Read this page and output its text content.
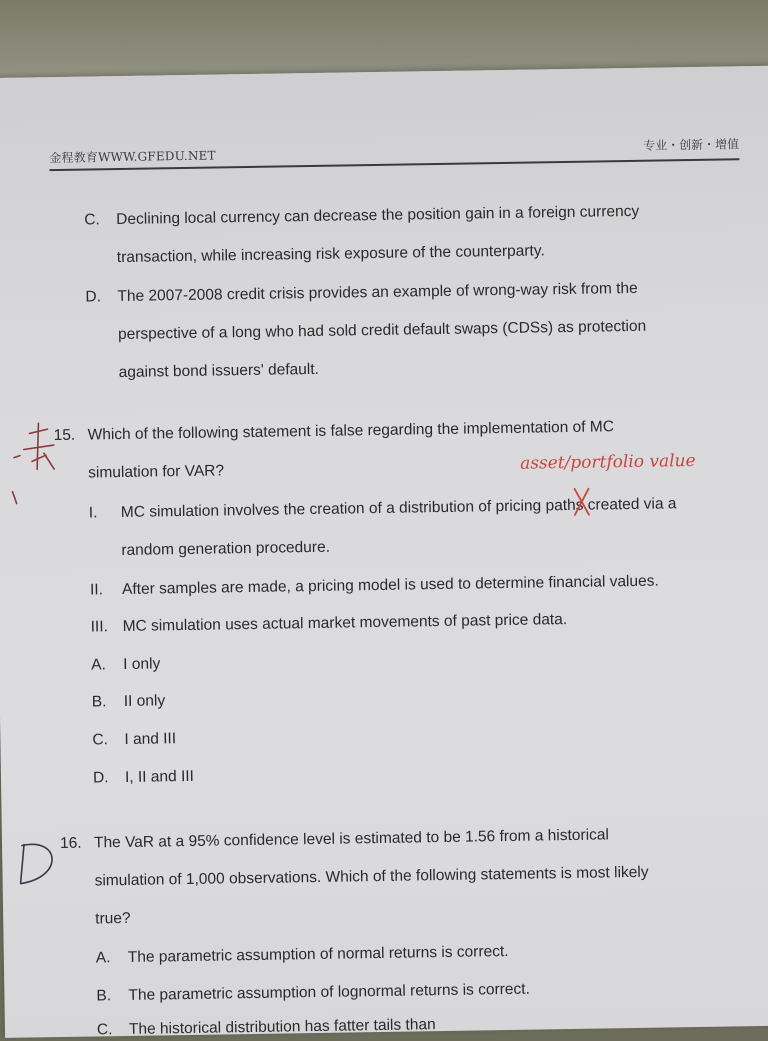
金程教育WWW.GFEDU.NET
专业・创新・增值
C. Declining local currency can decrease the position gain in a foreign currency
transaction, while increasing risk exposure of the counterparty.
D. The 2007-2008 credit crisis provides an example of wrong-way risk from the
perspective of a long who had sold credit default swaps (CDSs) as protection
against bond issuers' default.
15. Which of the following statement is false regarding the implementation of MC
simulation for VAR?	asset/portfolio value
I. MC simulation involves the creation of a distribution of pricing paths created via a
random generation procedure.
II. After samples are made, a pricing model is used to determine financial values.
III. MC simulation uses actual market movements of past price data.
A. I only
B. II only
C. I and III
D. I, II and III
16. The VaR at a 95% confidence level is estimated to be 1.56 from a historical
simulation of 1,000 observations. Which of the following statements is most likely
true?
A. The parametric assumption of normal returns is correct.
B. The parametric assumption of lognormal returns is correct.
C. The historical distribution has fatter tails than
